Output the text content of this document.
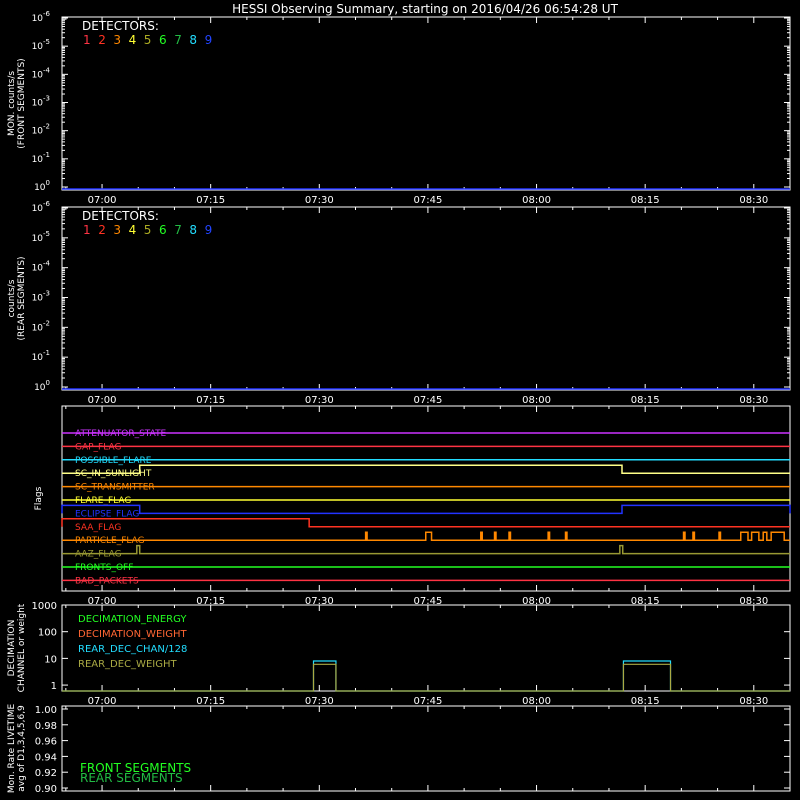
HESSI Observing Summary, starting on 2016/04/26 06:54:28 UT
07:00	07:15	07:30	07:45	08:00	08:15	08:30
MON. counts/s (FRONT SEGMENTS)
$10^0$
$10^{-1}$
$10^{-2}$
$10^{-3}$
$10^{-4}$
$10^{-5}$
$10^{-6}$
DETECTORS:
1 2 3 4 5 6 7 8 9
07:00	07:15	07:30	07:45	08:00	08:15	08:30
counts/s (REAR SEGMENTS)
$10^0$
$10^{-1}$
$10^{-2}$
$10^{-3}$
$10^{-4}$
$10^{-5}$
$10^{-6}$
DETECTORS:
1 2 3 4 5 6 7 8 9
07:00	07:15	07:30	07:45	08:00	08:15	08:30
Flags
ATTENUATOR_STATE
GAP_FLAG
POSSIBLE_FLARE
SC_IN_SUNLIGHT
SC_TRANSMITTER
FLARE_FLAG
ECLIPSE_FLAG
SAA_FLAG
PARTICLE_FLAG
AAZ_FLAG
FRONTS_OFF
BAD_PACKETS
07:00	07:15	07:30	07:45	08:00	08:15	08:30
DECIMATION CHANNEL or weight 1
10
100
1000
DECIMATION_ENERGY
DECIMATION_WEIGHT
REAR_DEC_CHAN/128
REAR_DEC_WEIGHT
Mon. Rate LIVETIME avg of D1,3,4,5,6,9 0.90
0.92
0.94
0.96
0.98
1.00
FRONT SEGMENTS
REAR SEGMENTS
